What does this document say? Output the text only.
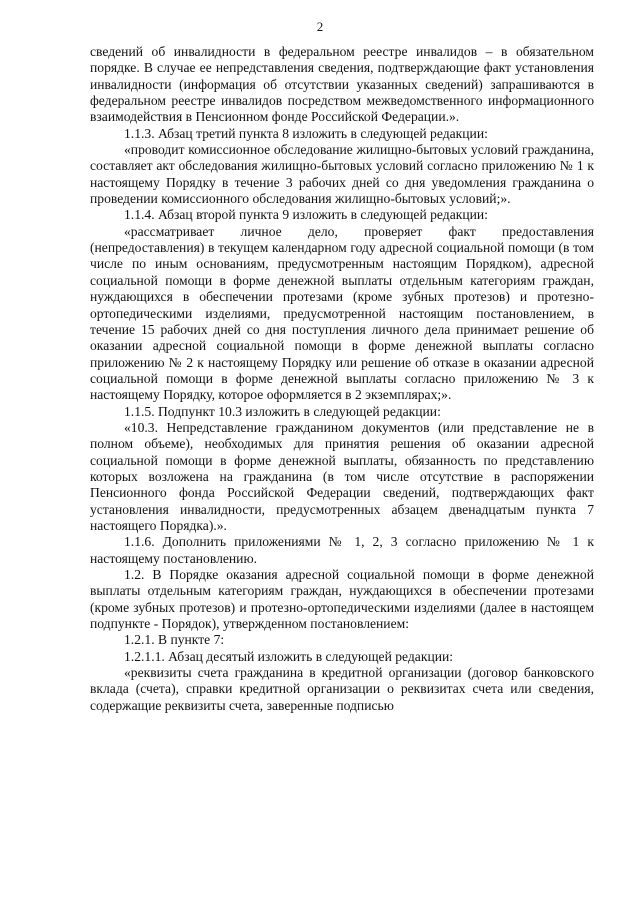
2

сведений об инвалидности в федеральном реестре инвалидов – в обязательном порядке. В случае ее непредставления сведения, подтверждающие факт установления инвалидности (информация об отсутствии указанных сведений) запрашиваются в федеральном реестре инвалидов посредством межведомственного информационного взаимодействия в Пенсионном фонде Российской Федерации.».

1.1.3. Абзац третий пункта 8 изложить в следующей редакции:

«проводит комиссионное обследование жилищно-бытовых условий гражданина, составляет акт обследования жилищно-бытовых условий согласно приложению № 1 к настоящему Порядку в течение 3 рабочих дней со дня уведомления гражданина о проведении комиссионного обследования жилищно-бытовых условий;».

1.1.4. Абзац второй пункта 9 изложить в следующей редакции:

«рассматривает личное дело, проверяет факт предоставления (непредоставления) в текущем календарном году адресной социальной помощи (в том числе по иным основаниям, предусмотренным настоящим Порядком), адресной социальной помощи в форме денежной выплаты отдельным категориям граждан, нуждающихся в обеспечении протезами (кроме зубных протезов) и протезно-ортопедическими изделиями, предусмотренной настоящим постановлением, в течение 15 рабочих дней со дня поступления личного дела принимает решение об оказании адресной социальной помощи в форме денежной выплаты согласно приложению № 2 к настоящему Порядку или решение об отказе в оказании адресной социальной помощи в форме денежной выплаты согласно приложению № 3 к настоящему Порядку, которое оформляется в 2 экземплярах;».

1.1.5. Подпункт 10.3 изложить в следующей редакции:

«10.3. Непредставление гражданином документов (или представление не в полном объеме), необходимых для принятия решения об оказании адресной социальной помощи в форме денежной выплаты, обязанность по представлению которых возложена на гражданина (в том числе отсутствие в распоряжении Пенсионного фонда Российской Федерации сведений, подтверждающих факт установления инвалидности, предусмотренных абзацем двенадцатым пункта 7 настоящего Порядка).».

1.1.6. Дополнить приложениями № 1, 2, 3 согласно приложению № 1 к настоящему постановлению.

1.2. В Порядке оказания адресной социальной помощи в форме денежной выплаты отдельным категориям граждан, нуждающихся в обеспечении протезами (кроме зубных протезов) и протезно-ортопедическими изделиями (далее в настоящем подпункте - Порядок), утвержденном постановлением:

1.2.1. В пункте 7:

1.2.1.1. Абзац десятый изложить в следующей редакции:

«реквизиты счета гражданина в кредитной организации (договор банковского вклада (счета), справки кредитной организации о реквизитах счета или сведения, содержащие реквизиты счета, заверенные подписью
